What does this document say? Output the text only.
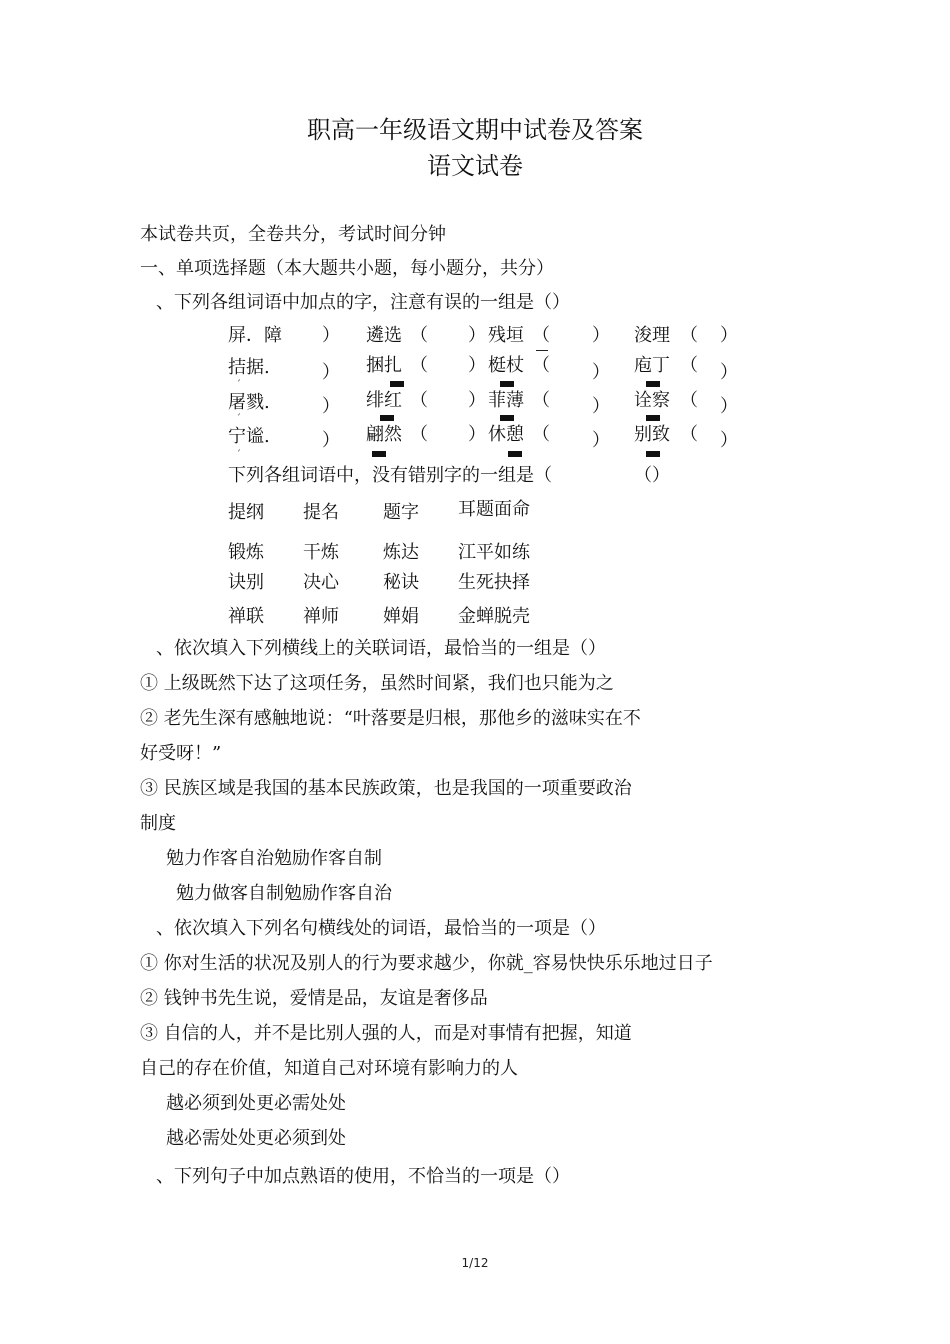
职高一年级语文期中试卷及答案
语文试卷
本试卷共页，全卷共分，考试时间分钟
一、单项选择题（本大题共小题，每小题分，共分）
、下列各组词语中加点的字，注意有误的一组是（）
屏．障 ） 遴选 （ ） 残垣 （ ） 浚理 （ ）
拮据.	） 捆扎 （ ） 梃杖 （ ） 庖丁 （ ）
ˊ
屠戮.	） 绯红 （ ） 菲薄 （ ） 诠察 （ ）
ˊ
宁谧.	） 翩然 （ ） 休憩 （ ） 别致 （ ）
ˊ
下列各组词语中，没有错别字的一组是（	（）
提纲 提名 题字 耳题面命
锻炼 干炼 炼达 江平如练
诀别 决心 秘诀 生死抉择
禅联 禅师 婵娟 金蝉脱壳
、依次填入下列横线上的关联词语，最恰当的一组是（）
① 上级既然下达了这项任务，虽然时间紧，我们也只能为之
② 老先生深有感触地说：“叶落要是归根，那他乡的滋味实在不
好受呀！”
③ 民族区域是我国的基本民族政策，也是我国的一项重要政治
制度
勉力作客自治勉励作客自制
勉力做客自制勉励作客自治
、依次填入下列名句横线处的词语，最恰当的一项是（）
① 你对生活的状况及别人的行为要求越少，你就_容易快快乐乐地过日子
② 钱钟书先生说，爱情是品，友谊是奢侈品
③ 自信的人，并不是比别人强的人，而是对事情有把握，知道
自己的存在价值，知道自己对环境有影响力的人
越必须到处更必需处处
越必需处处更必须到处
、下列句子中加点熟语的使用，不恰当的一项是（）
1/12
